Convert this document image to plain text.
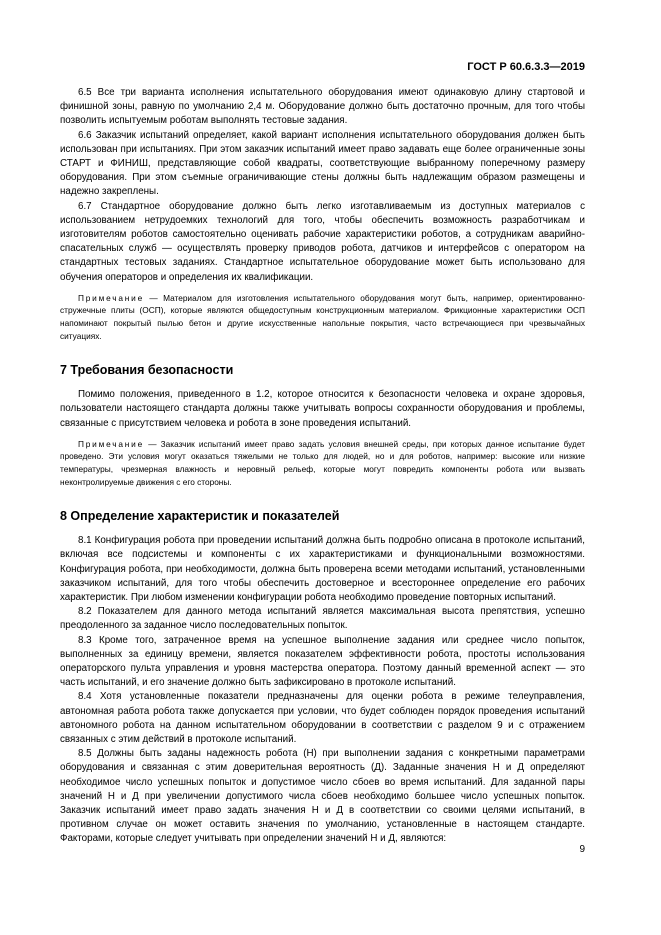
ГОСТ Р 60.6.3.3—2019

6.5 Все три варианта исполнения испытательного оборудования имеют одинаковую длину стартовой и финишной зоны, равную по умолчанию 2,4 м. Оборудование должно быть достаточно прочным, для того чтобы позволить испытуемым роботам выполнять тестовые задания.

6.6 Заказчик испытаний определяет, какой вариант исполнения испытательного оборудования должен быть использован при испытаниях. При этом заказчик испытаний имеет право задавать еще более ограниченные зоны СТАРТ и ФИНИШ, представляющие собой квадраты, соответствующие выбранному поперечному размеру оборудования. При этом съемные ограничивающие стены должны быть надлежащим образом размещены и надежно закреплены.

6.7 Стандартное оборудование должно быть легко изготавливаемым из доступных материалов с использованием нетрудоемких технологий для того, чтобы обеспечить возможность разработчикам и изготовителям роботов самостоятельно оценивать рабочие характеристики роботов, а сотрудникам аварийно-спасательных служб — осуществлять проверку приводов робота, датчиков и интерфейсов с оператором на стандартных тестовых заданиях. Стандартное испытательное оборудование может быть использовано для обучения операторов и определения их квалификации.

Примечание — Материалом для изготовления испытательного оборудования могут быть, например, ориентированно-стружечные плиты (ОСП), которые являются общедоступным конструкционным материалом. Фрикционные характеристики ОСП напоминают покрытый пылью бетон и другие искусственные напольные покрытия, часто встречающиеся при чрезвычайных ситуациях.

7 Требования безопасности

Помимо положения, приведенного в 1.2, которое относится к безопасности человека и охране здоровья, пользователи настоящего стандарта должны также учитывать вопросы сохранности оборудования и проблемы, связанные с присутствием человека и робота в зоне проведения испытаний.

Примечание — Заказчик испытаний имеет право задать условия внешней среды, при которых данное испытание будет проведено. Эти условия могут оказаться тяжелыми не только для людей, но и для роботов, например: высокие или низкие температуры, чрезмерная влажность и неровный рельеф, которые могут повредить компоненты робота или вызвать неконтролируемые движения с его стороны.

8 Определение характеристик и показателей

8.1 Конфигурация робота при проведении испытаний должна быть подробно описана в протоколе испытаний, включая все подсистемы и компоненты с их характеристиками и функциональными возможностями. Конфигурация робота, при необходимости, должна быть проверена всеми методами испытаний, установленными заказчиком испытаний, для того чтобы обеспечить достоверное и всестороннее определение его рабочих характеристик. При любом изменении конфигурации робота необходимо проведение повторных испытаний.

8.2 Показателем для данного метода испытаний является максимальная высота препятствия, успешно преодоленного за заданное число последовательных попыток.

8.3 Кроме того, затраченное время на успешное выполнение задания или среднее число попыток, выполненных за единицу времени, является показателем эффективности робота, простоты использования операторского пульта управления и уровня мастерства оператора. Поэтому данный временной аспект — это часть испытаний, и его значение должно быть зафиксировано в протоколе испытаний.

8.4 Хотя установленные показатели предназначены для оценки робота в режиме телеуправления, автономная работа робота также допускается при условии, что будет соблюден порядок проведения испытаний автономного робота на данном испытательном оборудовании в соответствии с разделом 9 и с отражением связанных с этим действий в протоколе испытаний.

8.5 Должны быть заданы надежность робота (Н) при выполнении задания с конкретными параметрами оборудования и связанная с этим доверительная вероятность (Д). Заданные значения Н и Д определяют необходимое число успешных попыток и допустимое число сбоев во время испытаний. Для заданной пары значений Н и Д при увеличении допустимого числа сбоев необходимо большее число успешных попыток. Заказчик испытаний имеет право задать значения Н и Д в соответствии со своими целями испытаний, в противном случае он может оставить значения по умолчанию, установленные в настоящем стандарте. Факторами, которые следует учитывать при определении значений Н и Д, являются:

9
